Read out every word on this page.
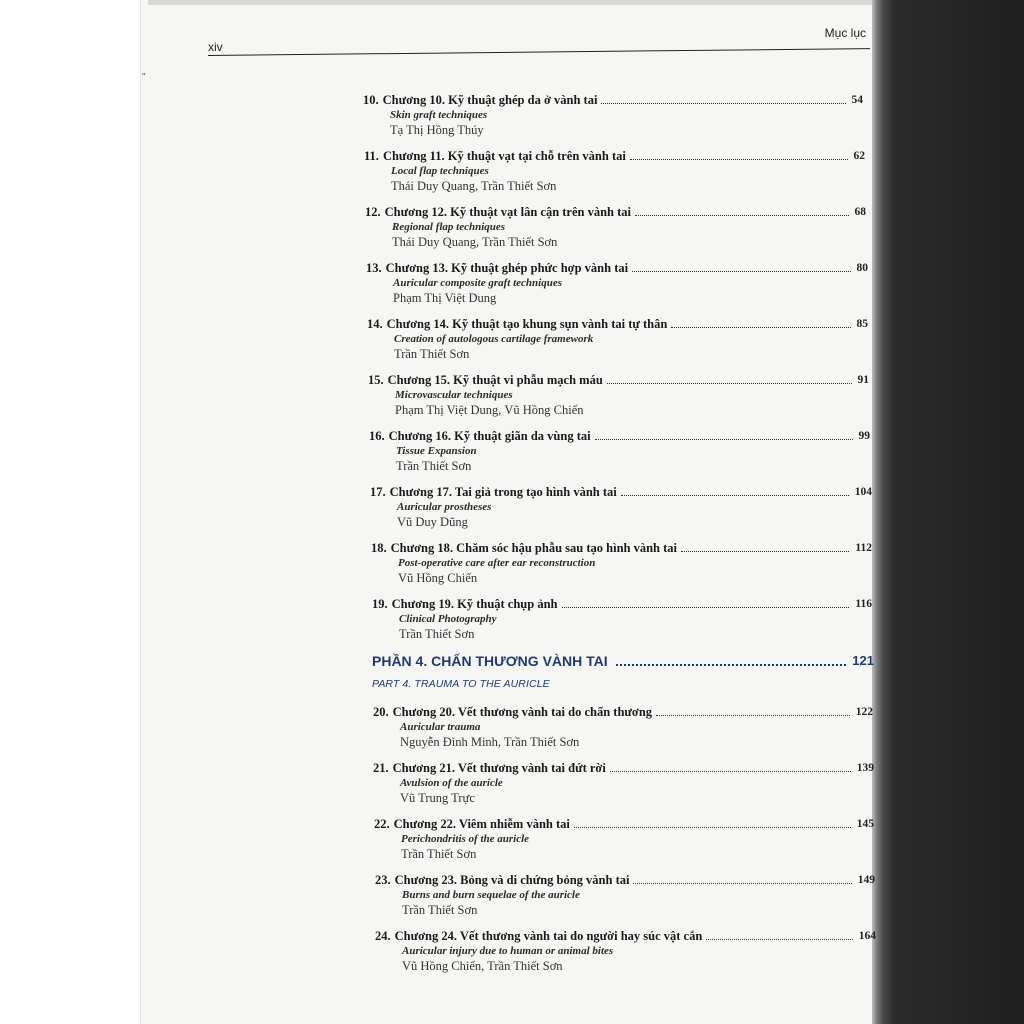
"
xiv
Mục lục
10. Chương 10. Kỹ thuật ghép da ở vành tai	54
Skin graft techniques
Tạ Thị Hồng Thúy
11. Chương 11. Kỹ thuật vạt tại chỗ trên vành tai	62
Local flap techniques
Thái Duy Quang, Trần Thiết Sơn
12. Chương 12. Kỹ thuật vạt lân cận trên vành tai	68
Regional flap techniques
Thái Duy Quang, Trần Thiết Sơn
13. Chương 13. Kỹ thuật ghép phức hợp vành tai	80
Auricular composite graft techniques
Phạm Thị Việt Dung
14. Chương 14. Kỹ thuật tạo khung sụn vành tai tự thân	85
Creation of autologous cartilage framework
Trần Thiết Sơn
15. Chương 15. Kỹ thuật vi phẫu mạch máu	91
Microvascular techniques
Phạm Thị Việt Dung, Vũ Hồng Chiến
16. Chương 16. Kỹ thuật giãn da vùng tai	99
Tissue Expansion
Trần Thiết Sơn
17. Chương 17. Tai giả trong tạo hình vành tai	104
Auricular prostheses
Vũ Duy Dũng
18. Chương 18. Chăm sóc hậu phẫu sau tạo hình vành tai	112
Post-operative care after ear reconstruction
Vũ Hồng Chiến
19. Chương 19. Kỹ thuật chụp ảnh	116
Clinical Photography
Trần Thiết Sơn
PHẦN 4. CHẤN THƯƠNG VÀNH TAI	121
PART 4. TRAUMA TO THE AURICLE
20. Chương 20. Vết thương vành tai do chấn thương	122
Auricular trauma
Nguyễn Đình Minh, Trần Thiết Sơn
21. Chương 21. Vết thương vành tai đứt rời	139
Avulsion of the auricle
Vũ Trung Trực
22. Chương 22. Viêm nhiễm vành tai	145
Perichondritis of the auricle
Trần Thiết Sơn
23. Chương 23. Bỏng và di chứng bỏng vành tai	149
Burns and burn sequelae of the auricle
Trần Thiết Sơn
24. Chương 24. Vết thương vành tai do người hay súc vật cắn	164
Auricular injury due to human or animal bites
Vũ Hồng Chiến, Trần Thiết Sơn
